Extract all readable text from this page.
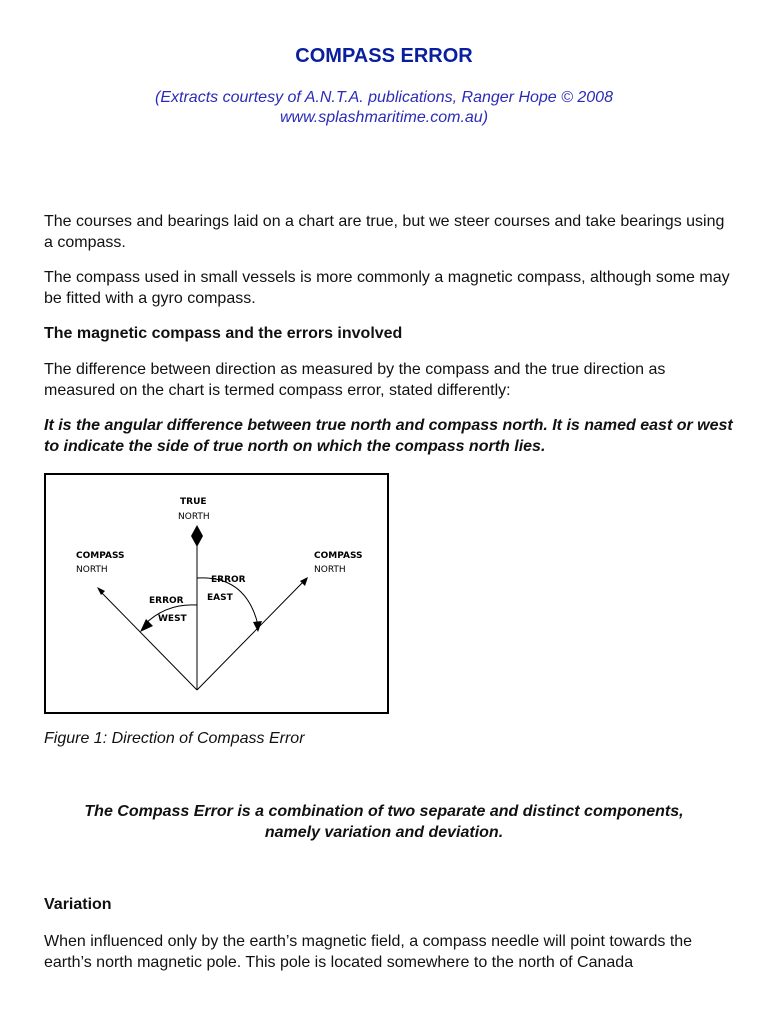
COMPASS ERROR
(Extracts courtesy of A.N.T.A. publications, Ranger Hope © 2008
www.splashmaritime.com.au)

The courses and bearings laid on a chart are true, but we steer courses and take bearings using a compass.

The compass used in small vessels is more commonly a magnetic compass, although some may be fitted with a gyro compass.

The magnetic compass and the errors involved

The difference between direction as measured by the compass and the true direction as measured on the chart is termed compass error, stated differently:

It is the angular difference between true north and compass north. It is named east or west to indicate the side of true north on which the compass north lies.

TRUE
NORTH
COMPASS
NORTH
COMPASS
NORTH
ERROR
WEST
ERROR
EAST
Figure 1: Direction of Compass Error

The Compass Error is a combination of two separate and distinct components, namely variation and deviation.

Variation

When influenced only by the earth’s magnetic field, a compass needle will point towards the earth’s north magnetic pole. This pole is located somewhere to the north of Canada
